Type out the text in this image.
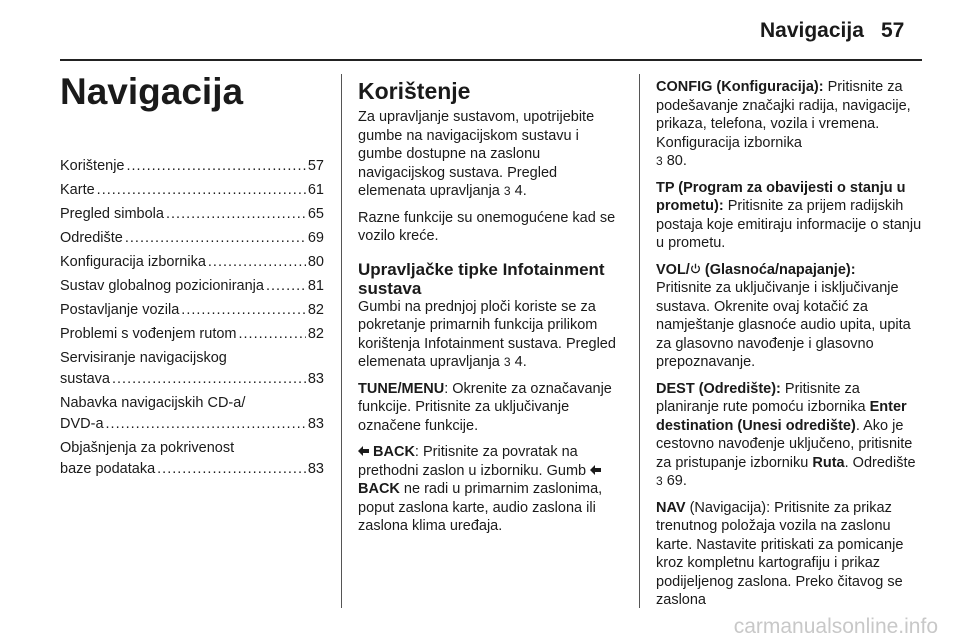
Navigacija 57
Navigacija
Korištenje .....	57
Karte .....	61
Pregled simbola .....	65
Odredište .....	69
Konfiguracija izbornika .....	80
Sustav globalnog pozicioniranja .....	81
Postavljanje vozila .....	82
Problemi s vođenjem rutom .....	82
Servisiranje navigacijskog
sustava .....	83
Nabavka navigacijskih CD-a/
DVD-a .....	83
Objašnjenja za pokrivenost
baze podataka .....	83
Korištenje

Za upravljanje sustavom, upotrijebite gumbe na navigacijskom sustavu i gumbe dostupne na zaslonu navigacijskog sustava. Pregled elemenata upravljanja 3 4.

Razne funkcije su onemogućene kad se vozilo kreće.

Upravljačke tipke Infotainment sustava

Gumbi na prednjoj ploči koriste se za pokretanje primarnih funkcija prilikom korištenja Infotainment sustava. Pregled elemenata upravljanja 3 4.

TUNE/MENU: Okrenite za označavanje funkcije. Pritisnite za uključivanje označene funkcije.

BACK: Pritisnite za povratak na prethodni zaslon u izborniku. Gumb  BACK ne radi u primarnim zaslonima, poput zaslona karte, audio zaslona ili zaslona klima uređaja.

CONFIG (Konfiguracija): Pritisnite za podešavanje značajki radija, navigacije, prikaza, telefona, vozila i vremena. Konfiguracija izbornika
3 80.

TP (Program za obavijesti o stanju u prometu): Pritisnite za prijem radijskih postaja koje emitiraju informacije o stanju u prometu.

VOL/ (Glasnoća/napajanje):
Pritisnite za uključivanje i isključivanje sustava. Okrenite ovaj kotačić za namještanje glasnoće audio upita, upita za glasovno navođenje i glasovno prepoznavanje.

DEST (Odredište): Pritisnite za planiranje rute pomoću izbornika Enter destination (Unesi odredište). Ako je cestovno navođenje uključeno, pritisnite za pristupanje izborniku Ruta. Odredište 3 69.

NAV (Navigacija): Pritisnite za prikaz trenutnog položaja vozila na zaslonu karte. Nastavite pritiskati za pomicanje kroz kompletnu kartografiju i prikaz podijeljenog zaslona. Preko čitavog se zaslona

carmanualsonline.info
